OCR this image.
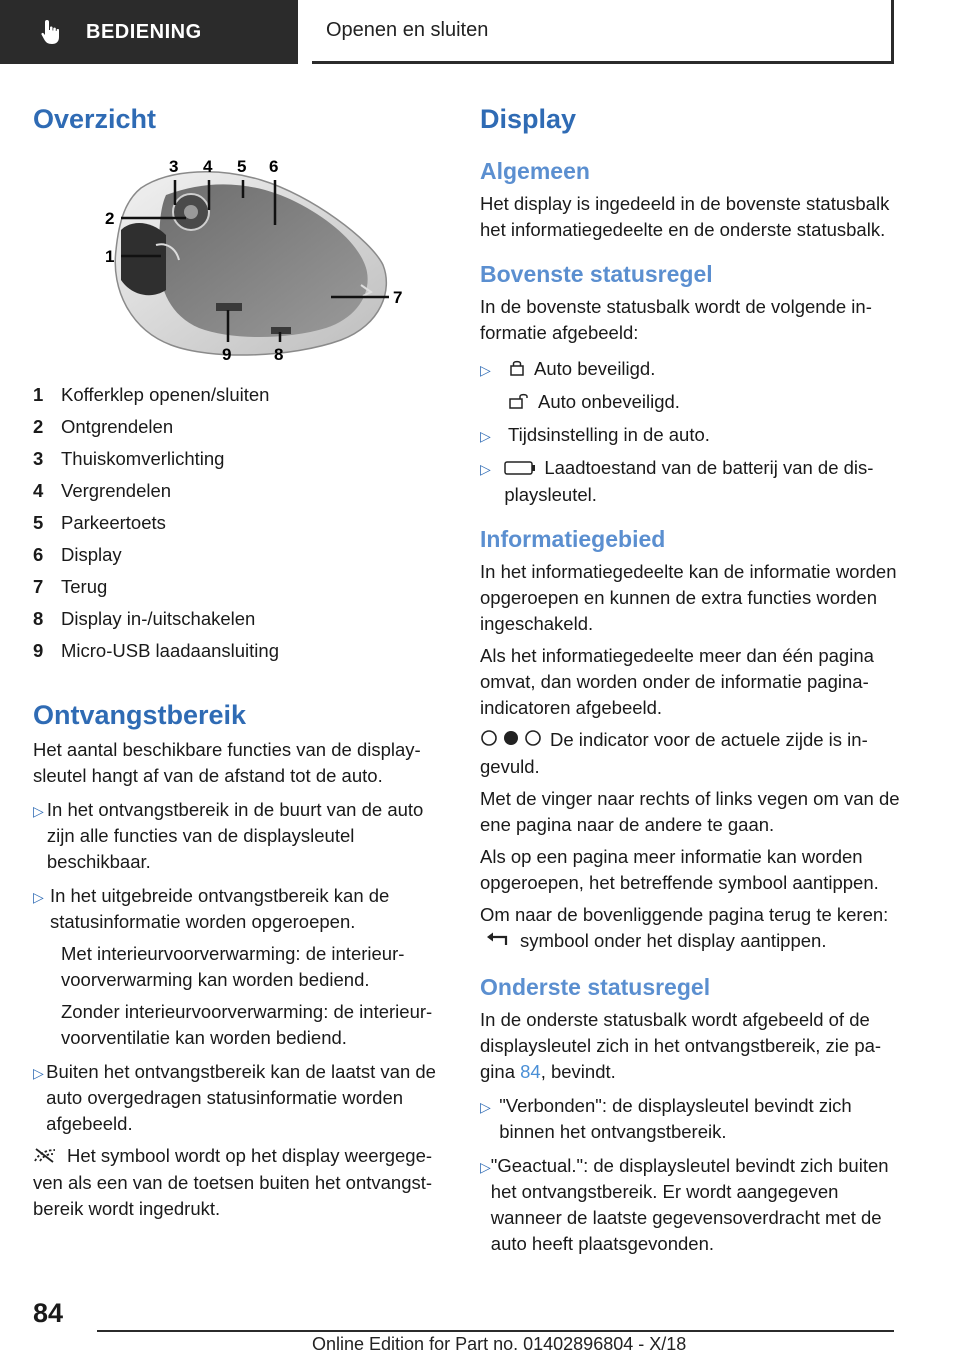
BEDIENING	Openen en sluiten
Overzicht
3 4 5 6
2
1
7
9	8
1 Kofferklep openen/sluiten
2 Ontgrendelen
3 Thuiskomverlichting
4 Vergrendelen
5 Parkeertoets
6 Display
7 Terug
8 Display in-/uitschakelen
9 Micro-USB laadaansluiting
Ontvangstbereik

Het aantal beschikbare functies van de displaysleutel hangt af van de afstand tot de auto.

▷ In het ontvangstbereik in de buurt van de auto zijn alle functies van de displaysleutel beschikbaar.
▷ In het uitgebreide ontvangstbereik kan de statusinformatie worden opgeroepen.

Met interieurvoorverwarming: de interieurvoorverwarming kan worden bediend.

Zonder interieurvoorverwarming: de interieurvoorventilatie kan worden bediend.

▷ Buiten het ontvangstbereik kan de laatst van de auto overgedragen statusinformatie worden afgebeeld.

Het symbool wordt op het display weergegeven als een van de toetsen buiten het ontvangstbereik wordt ingedrukt.

Display
Algemeen

Het display is ingedeeld in de bovenste statusbalk het informatiegedeelte en de onderste statusbalk.

Bovenste statusregel

In de bovenste statusbalk wordt de volgende informatie afgebeeld:

▷	Auto beveiligd.

Auto onbeveiligd.

▷ Tijdsinstelling in de auto.
▷	Laadtoestand van de batterij van de displaysleutel.
Informatiegebied

In het informatiegedeelte kan de informatie worden opgeroepen en kunnen de extra functies worden ingeschakeld.

Als het informatiegedeelte meer dan één pagina omvat, dan worden onder de informatie pagina-indicatoren afgebeeld.

De indicator voor de actuele zijde is ingevuld.

Met de vinger naar rechts of links vegen om van de ene pagina naar de andere te gaan.

Als op een pagina meer informatie kan worden opgeroepen, het betreffende symbool aantippen.

Om naar de bovenliggende pagina terug te keren: symbool onder het display aantippen.

Onderste statusregel

In de onderste statusbalk wordt afgebeeld of de displaysleutel zich in het ontvangstbereik, zie pagina 84, bevindt.

▷ "Verbonden": de displaysleutel bevindt zich binnen het ontvangstbereik.
▷ "Geactual.": de displaysleutel bevindt zich buiten het ontvangstbereik. Er wordt aangegeven wanneer de laatste gegevensoverdracht met de auto heeft plaatsgevonden.
84
Online Edition for Part no. 01402896804 - X/18
